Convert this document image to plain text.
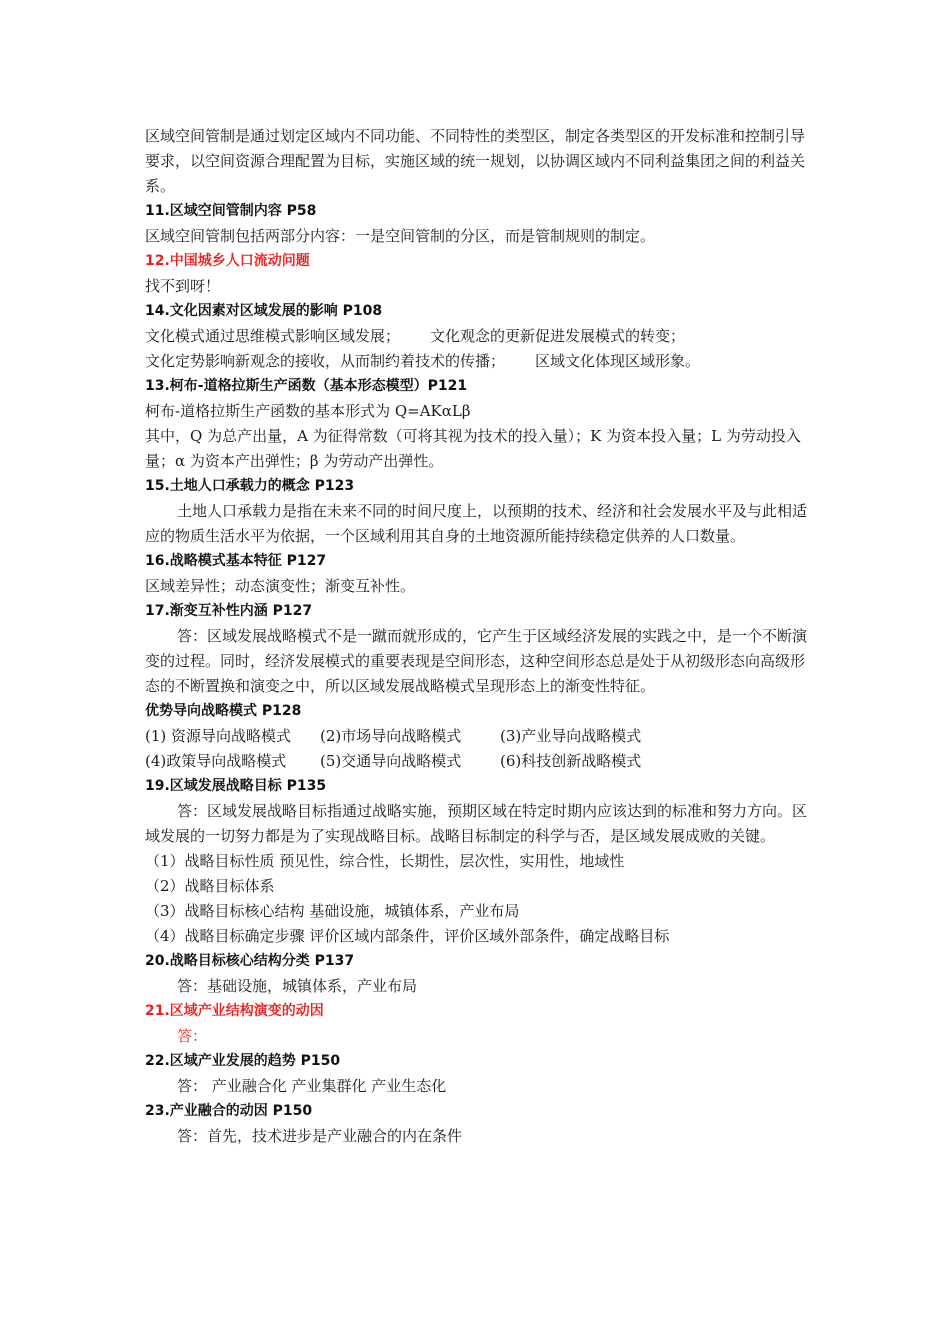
区域空间管制是通过划定区域内不同功能、不同特性的类型区，制定各类型区的开发标准和控制引导要求，以空间资源合理配置为目标，实施区域的统一规划，以协调区域内不同利益集团之间的利益关系。

11.区域空间管制内容 P58

区域空间管制包括两部分内容：一是空间管制的分区，而是管制规则的制定。

12.中国城乡人口流动问题

找不到呀！

14.文化因素对区域发展的影响 P108

文化模式通过思维模式影响区域发展； 文化观念的更新促进发展模式的转变；

文化定势影响新观念的接收，从而制约着技术的传播； 区域文化体现区域形象。

13.柯布-道格拉斯生产函数（基本形态模型）P121

柯布-道格拉斯生产函数的基本形式为 Q=AKαLβ

其中，Q 为总产出量，A 为征得常数（可将其视为技术的投入量）；K 为资本投入量；L 为劳动投入量；α 为资本产出弹性；β 为劳动产出弹性。

15.土地人口承载力的概念 P123

土地人口承载力是指在未来不同的时间尺度上，以预期的技术、经济和社会发展水平及与此相适应的物质生活水平为依据，一个区域利用其自身的土地资源所能持续稳定供养的人口数量。

16.战略模式基本特征 P127

区域差异性；动态演变性；渐变互补性。

17.渐变互补性内涵 P127

答：区域发展战略模式不是一蹴而就形成的，它产生于区域经济发展的实践之中，是一个不断演变的过程。同时，经济发展模式的重要表现是空间形态，这种空间形态总是处于从初级形态向高级形态的不断置换和演变之中，所以区域发展战略模式呈现形态上的渐变性特征。

优势导向战略模式 P128

(1) 资源导向战略模式	(2)市场导向战略模式	(3)产业导向战略模式
(4)政策导向战略模式	(5)交通导向战略模式	(6)科技创新战略模式

19.区域发展战略目标 P135

答：区域发展战略目标指通过战略实施，预期区域在特定时期内应该达到的标准和努力方向。区域发展的一切努力都是为了实现战略目标。战略目标制定的科学与否，是区域发展成败的关键。

（1）战略目标性质 预见性，综合性，长期性，层次性，实用性，地域性

（2）战略目标体系

（3）战略目标核心结构 基础设施，城镇体系，产业布局

（4）战略目标确定步骤 评价区域内部条件，评价区域外部条件，确定战略目标

20.战略目标核心结构分类 P137

答：基础设施，城镇体系，产业布局

21.区域产业结构演变的动因

答：

22.区域产业发展的趋势 P150

答： 产业融合化 产业集群化 产业生态化

23.产业融合的动因 P150

答：首先，技术进步是产业融合的内在条件
